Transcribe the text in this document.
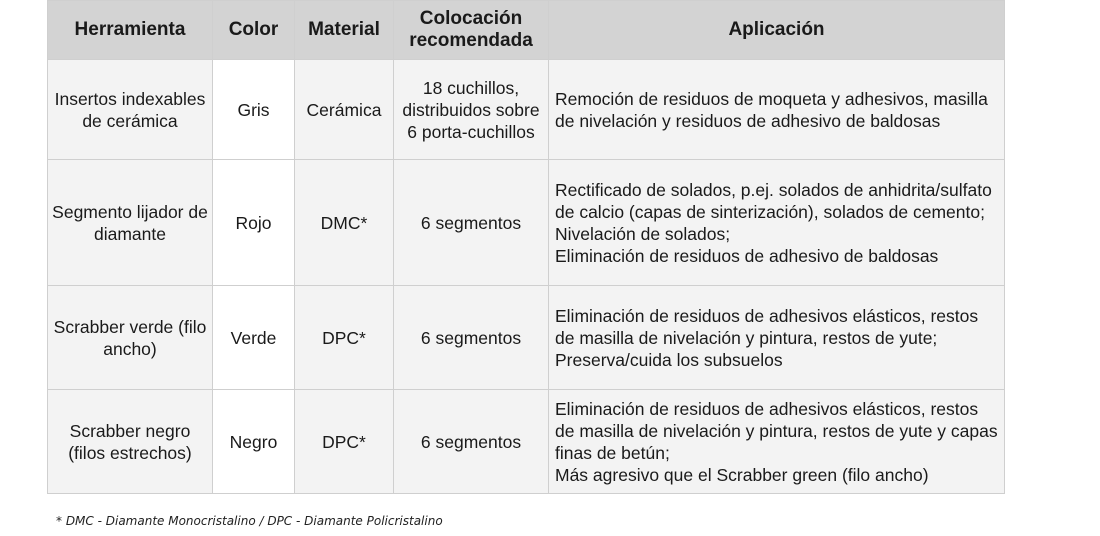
Herramienta	Color	Material	Colocación recomendada	Aplicación
Insertos indexables de cerámica	Gris	Cerámica	18 cuchillos, distribuidos sobre 6 porta-cuchillos	Remoción de residuos de moqueta y adhesivos, masilla de nivelación y residuos de adhesivo de baldosas
Segmento lijador de diamante	Rojo	DMC*	6 segmentos	Rectificado de solados, p.ej. solados de anhidrita/sulfato de calcio (capas de sinterización), solados de cemento;
Nivelación de solados;
Eliminación de residuos de adhesivo de baldosas
Scrabber verde (filo ancho)	Verde	DPC*	6 segmentos	Eliminación de residuos de adhesivos elásticos, restos de masilla de nivelación y pintura, restos de yute;
Preserva/cuida los subsuelos
Scrabber negro (filos estrechos)	Negro	DPC*	6 segmentos	Eliminación de residuos de adhesivos elásticos, restos de masilla de nivelación y pintura, restos de yute y capas finas de betún;
Más agresivo que el Scrabber green (filo ancho)
* DMC - Diamante Monocristalino / DPC - Diamante Policristalino
